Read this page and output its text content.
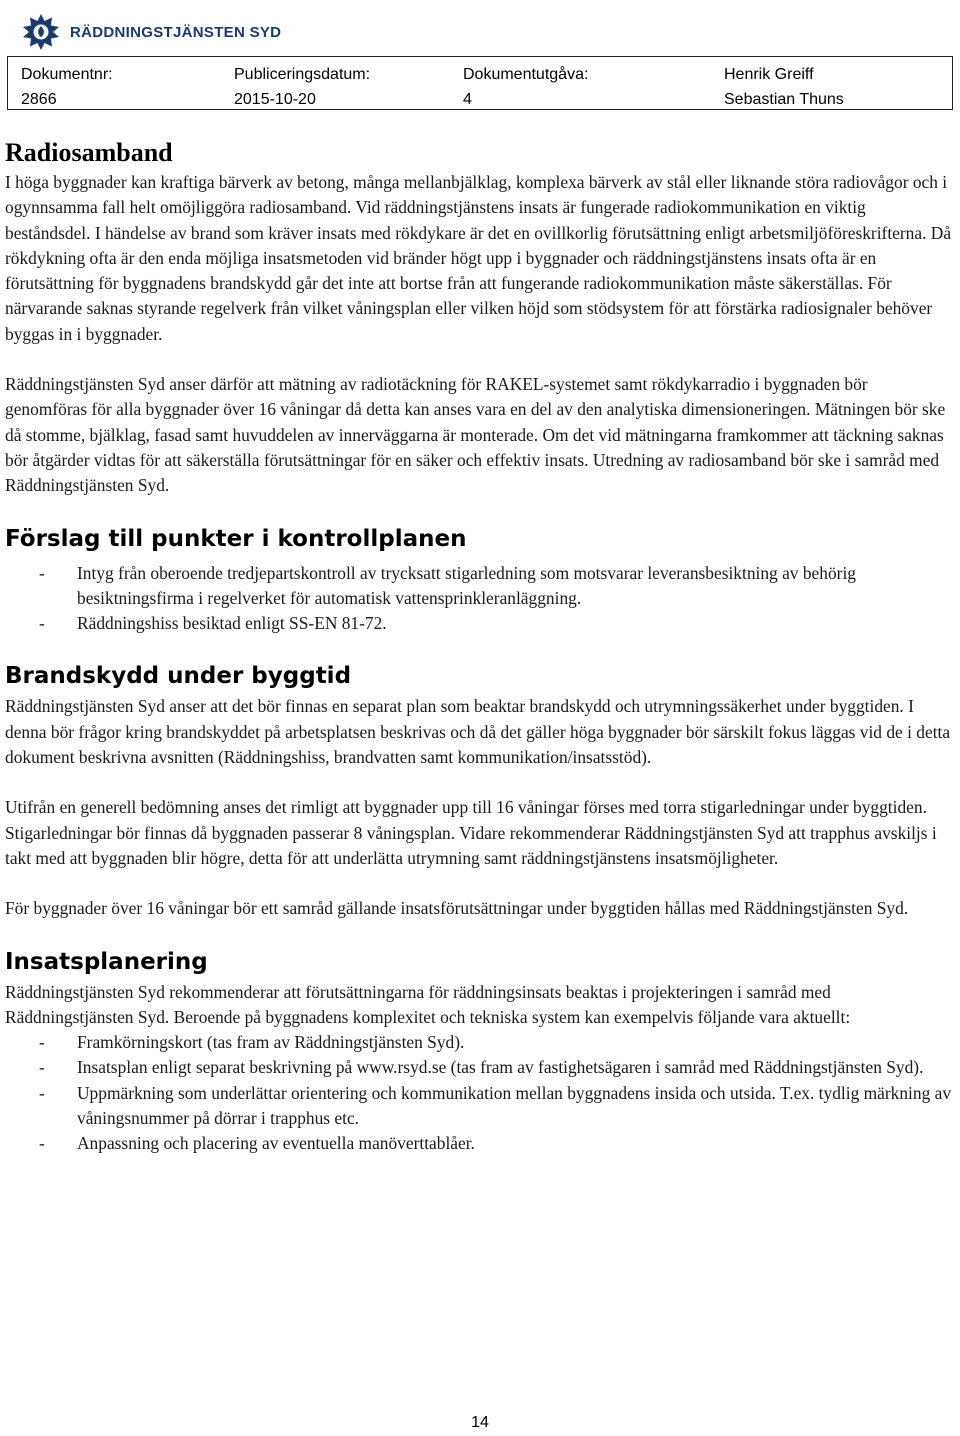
RÄDDNINGSTJÄNSTEN SYD
Dokumentnr:
2866
Publiceringsdatum:
2015-10-20
Dokumentutgåva:
4
Henrik Greiff
Sebastian Thuns
Radiosamband

I höga byggnader kan kraftiga bärverk av betong, många mellanbjälklag, komplexa bärverk av stål eller liknande störa radiovågor och i ogynnsamma fall helt omöjliggöra radiosamband. Vid räddningstjänstens insats är fungerade radiokommunikation en viktig beståndsdel. I händelse av brand som kräver insats med rökdykare är det en ovillkorlig förutsättning enligt arbetsmiljöföreskrifterna. Då rökdykning ofta är den enda möjliga insatsmetoden vid bränder högt upp i byggnader och räddningstjänstens insats ofta är en förutsättning för byggnadens brandskydd går det inte att bortse från att fungerande radiokommunikation måste säkerställas. För närvarande saknas styrande regelverk från vilket våningsplan eller vilken höjd som stödsystem för att förstärka radiosignaler behöver byggas in i byggnader.

Räddningstjänsten Syd anser därför att mätning av radiotäckning för RAKEL-systemet samt rökdykarradio i byggnaden bör genomföras för alla byggnader över 16 våningar då detta kan anses vara en del av den analytiska dimensioneringen. Mätningen bör ske då stomme, bjälklag, fasad samt huvuddelen av innerväggarna är monterade. Om det vid mätningarna framkommer att täckning saknas bör åtgärder vidtas för att säkerställa förutsättningar för en säker och effektiv insats. Utredning av radiosamband bör ske i samråd med Räddningstjänsten Syd.

Förslag till punkter i kontrollplanen
- Intyg från oberoende tredjepartskontroll av trycksatt stigarledning som motsvarar leveransbesiktning av behörig besiktningsfirma i regelverket för automatisk vattensprinkleranläggning.
- Räddningshiss besiktad enligt SS-EN 81-72.
Brandskydd under byggtid

Räddningstjänsten Syd anser att det bör finnas en separat plan som beaktar brandskydd och utrymningssäkerhet under byggtiden. I denna bör frågor kring brandskyddet på arbetsplatsen beskrivas och då det gäller höga byggnader bör särskilt fokus läggas vid de i detta dokument beskrivna avsnitten (Räddningshiss, brandvatten samt kommunikation/insatsstöd).

Utifrån en generell bedömning anses det rimligt att byggnader upp till 16 våningar förses med torra stigarledningar under byggtiden. Stigarledningar bör finnas då byggnaden passerar 8 våningsplan. Vidare rekommenderar Räddningstjänsten Syd att trapphus avskiljs i takt med att byggnaden blir högre, detta för att underlätta utrymning samt räddningstjänstens insatsmöjligheter.

För byggnader över 16 våningar bör ett samråd gällande insatsförutsättningar under byggtiden hållas med Räddningstjänsten Syd.

Insatsplanering

Räddningstjänsten Syd rekommenderar att förutsättningarna för räddningsinsats beaktas i projekteringen i samråd med Räddningstjänsten Syd. Beroende på byggnadens komplexitet och tekniska system kan exempelvis följande vara aktuellt:

- Framkörningskort (tas fram av Räddningstjänsten Syd).
- Insatsplan enligt separat beskrivning på www.rsyd.se (tas fram av fastighetsägaren i samråd med Räddningstjänsten Syd).
- Uppmärkning som underlättar orientering och kommunikation mellan byggnadens insida och utsida. T.ex. tydlig märkning av våningsnummer på dörrar i trapphus etc.
- Anpassning och placering av eventuella manöverttablåer.
14
